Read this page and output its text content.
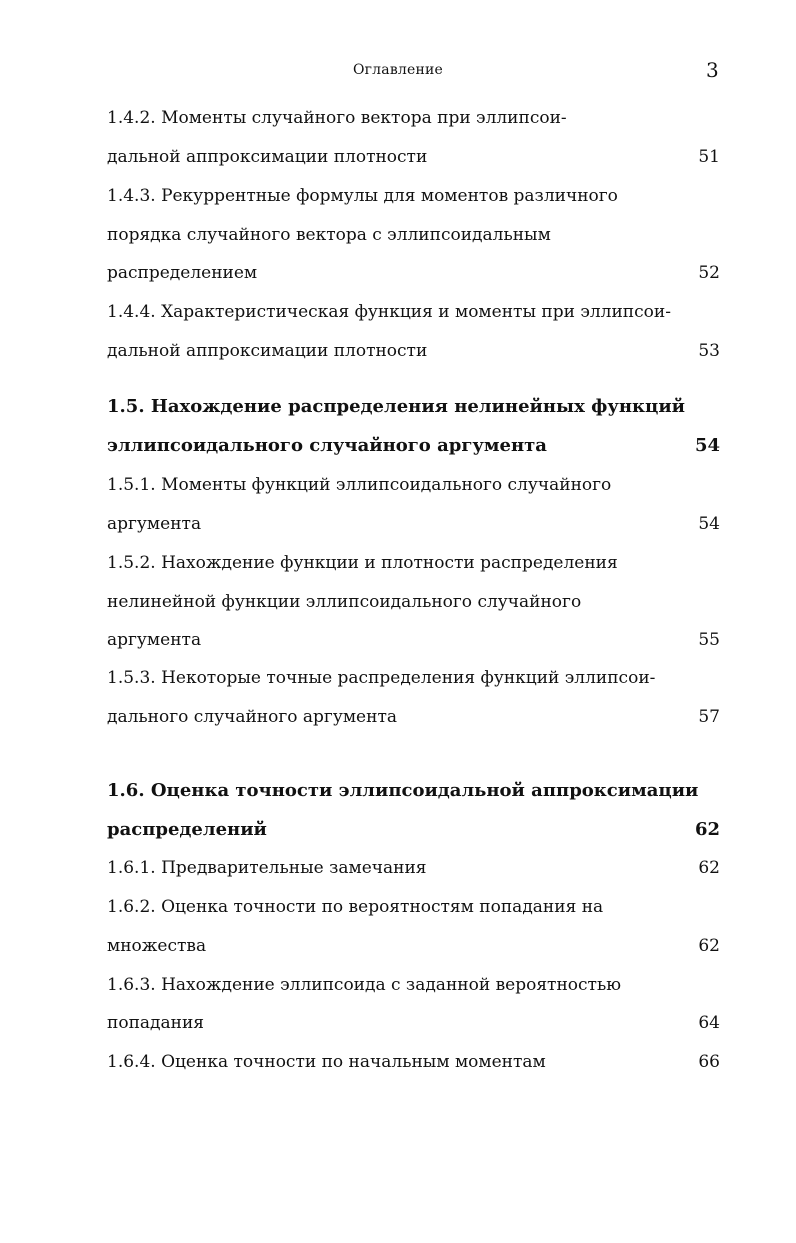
Оглавление	3
1.4.2. Моменты случайного вектора при эллипсои-
дальной аппроксимации плотности	51
1.4.3. Рекуррентные формулы для моментов различного
порядка случайного вектора с эллипсоидальным
распределением	52
1.4.4. Характеристическая функция и моменты при эллипсои-
дальной аппроксимации плотности	53
1.5. Нахождение распределения нелинейных функций
эллипсоидального случайного аргумента	54
1.5.1. Моменты функций эллипсоидального случайного
аргумента	54
1.5.2. Нахождение функции и плотности распределения
нелинейной функции эллипсоидального случайного
аргумента	55
1.5.3. Некоторые точные распределения функций эллипсои-
дального случайного аргумента	57
1.6. Оценка точности эллипсоидальной аппроксимации
распределений	62
1.6.1. Предварительные замечания	62
1.6.2. Оценка точности по вероятностям попадания на
множества	62
1.6.3. Нахождение эллипсоида с заданной вероятностью
попадания	64
1.6.4. Оценка точности по начальным моментам	66
